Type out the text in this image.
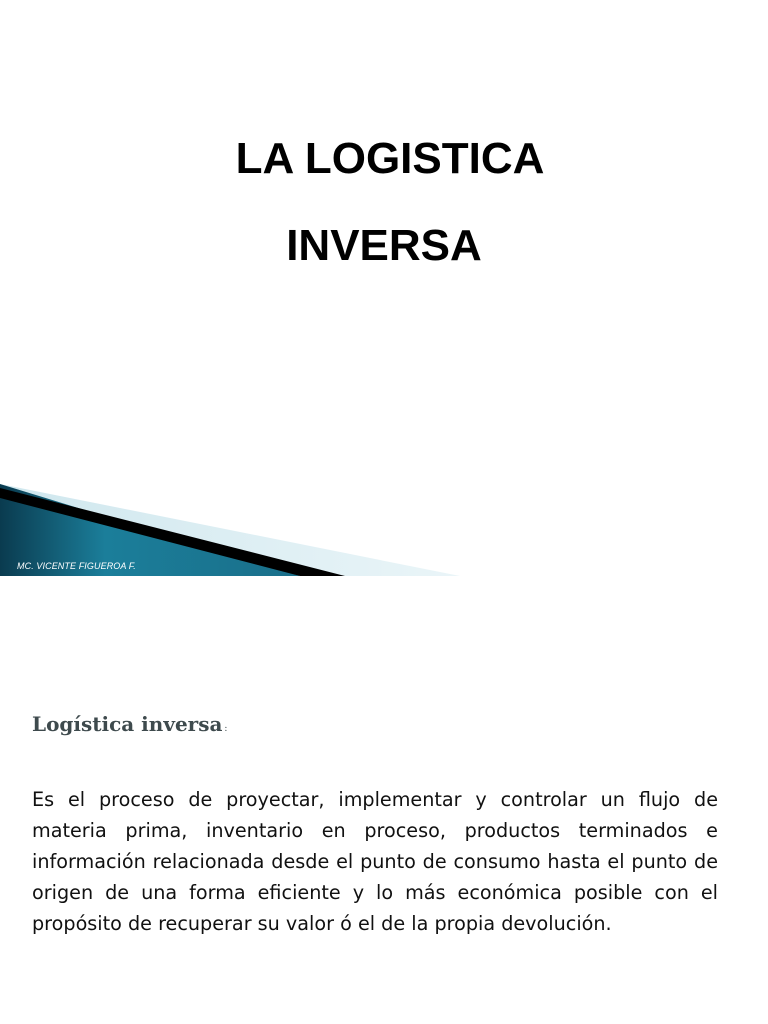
LA LOGISTICA
INVERSA
MC. VICENTE FIGUEROA F.
Logística inversa :

Es el proceso de proyectar, implementar y controlar un flujo de materia prima, inventario en proceso, productos terminados e información relacionada desde el punto de consumo hasta el punto de origen de una forma eficiente y lo más económica posible con el propósito de recuperar su valor ó el de la propia devolución.
